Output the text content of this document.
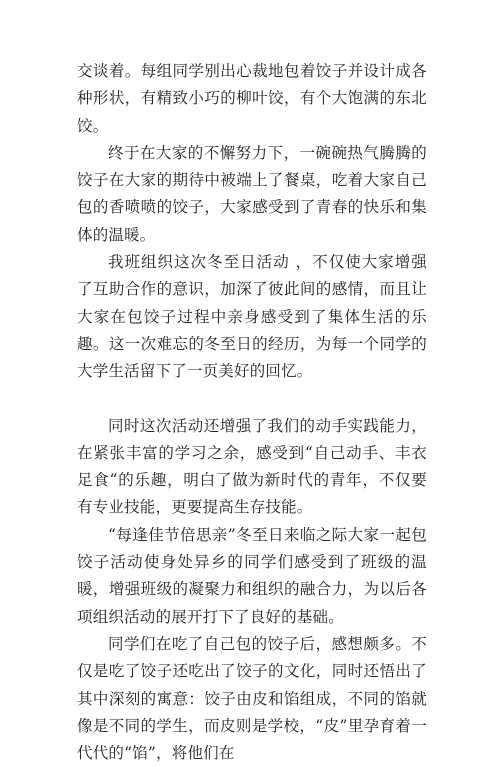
交谈着。每组同学别出心裁地包着饺子并设计成各种形状，有精致小巧的柳叶饺，有个大饱满的东北饺。

终于在大家的不懈努力下，一碗碗热气腾腾的饺子在大家的期待中被端上了餐桌，吃着大家自己包的香喷喷的饺子，大家感受到了青春的快乐和集体的温暖。

我班组织这次冬至日活动 ，不仅使大家增强了互助合作的意识，加深了彼此间的感情，而且让大家在包饺子过程中亲身感受到了集体生活的乐趣。这一次难忘的冬至日的经历，为每一个同学的大学生活留下了一页美好的回忆。

同时这次活动还增强了我们的动手实践能力，在紧张丰富的学习之余，感受到“自己动手、丰衣足食“的乐趣，明白了做为新时代的青年，不仅要有专业技能，更要提高生存技能。

“每逢佳节倍思亲”冬至日来临之际大家一起包饺子活动使身处异乡的同学们感受到了班级的温暖，增强班级的凝聚力和组织的融合力，为以后各项组织活动的展开打下了良好的基础。

同学们在吃了自己包的饺子后，感想颇多。不仅是吃了饺子还吃出了饺子的文化，同时还悟出了其中深刻的寓意：饺子由皮和馅组成，不同的馅就像是不同的学生，而皮则是学校，“皮”里孕育着一代代的“馅”，将他们在
